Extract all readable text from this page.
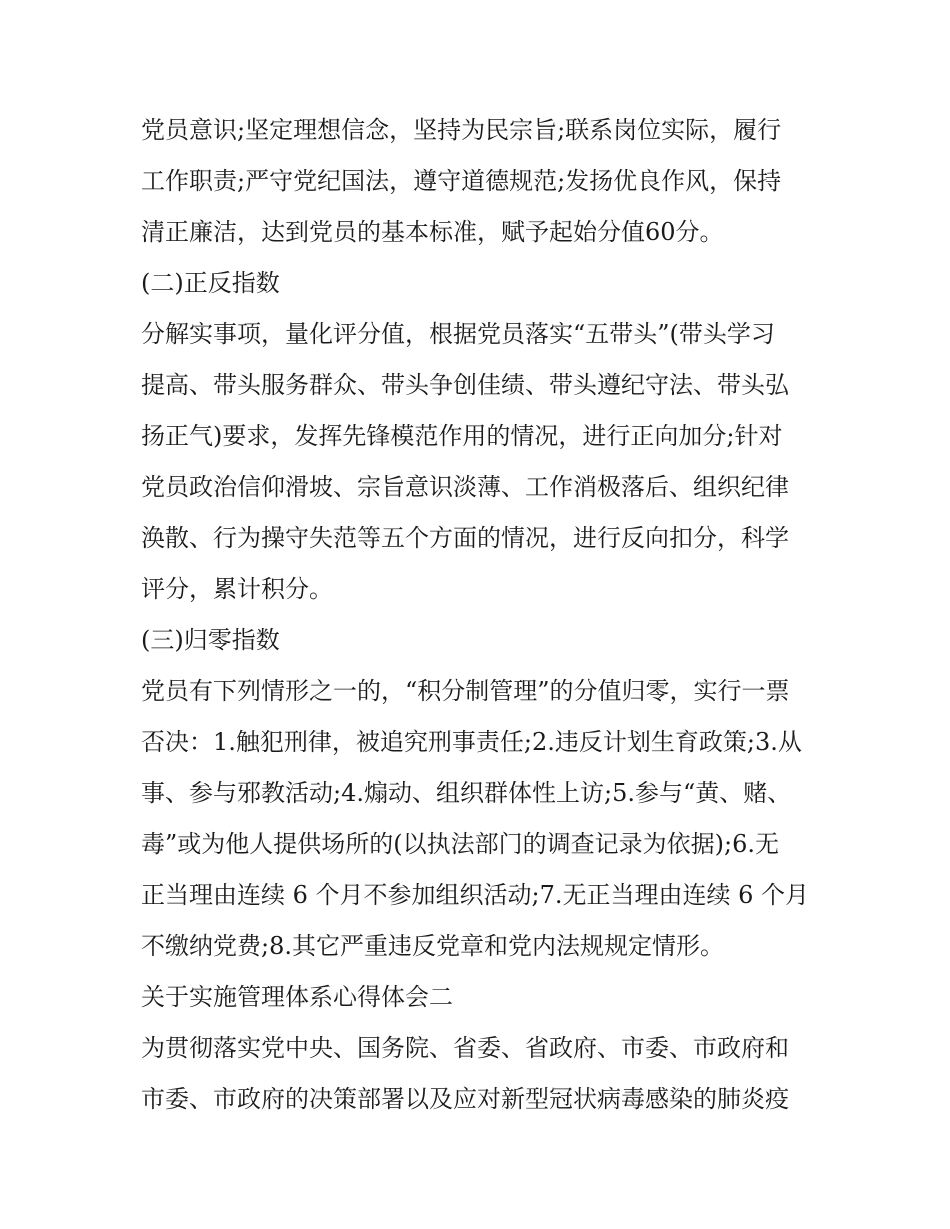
党员意识;坚定理想信念，坚持为民宗旨;联系岗位实际，履行
工作职责;严守党纪国法，遵守道德规范;发扬优良作风，保持
清正廉洁，达到党员的基本标准，赋予起始分值60分。
(二)正反指数
分解实事项，量化评分值，根据党员落实“五带头”(带头学习
提高、带头服务群众、带头争创佳绩、带头遵纪守法、带头弘
扬正气)要求，发挥先锋模范作用的情况，进行正向加分;针对
党员政治信仰滑坡、宗旨意识淡薄、工作消极落后、组织纪律
涣散、行为操守失范等五个方面的情况，进行反向扣分，科学
评分，累计积分。
(三)归零指数
党员有下列情形之一的，“积分制管理”的分值归零，实行一票
否决：1.触犯刑律，被追究刑事责任;2.违反计划生育政策;3.从
事、参与邪教活动;4.煽动、组织群体性上访;5.参与“黄、赌、
毒”或为他人提供场所的(以执法部门的调查记录为依据);6.无
正当理由连续 6 个月不参加组织活动;7.无正当理由连续 6 个月
不缴纳党费;8.其它严重违反党章和党内法规规定情形。
关于实施管理体系心得体会二
为贯彻落实党中央、国务院、省委、省政府、市委、市政府和
市委、市政府的决策部署以及应对新型冠状病毒感染的肺炎疫
